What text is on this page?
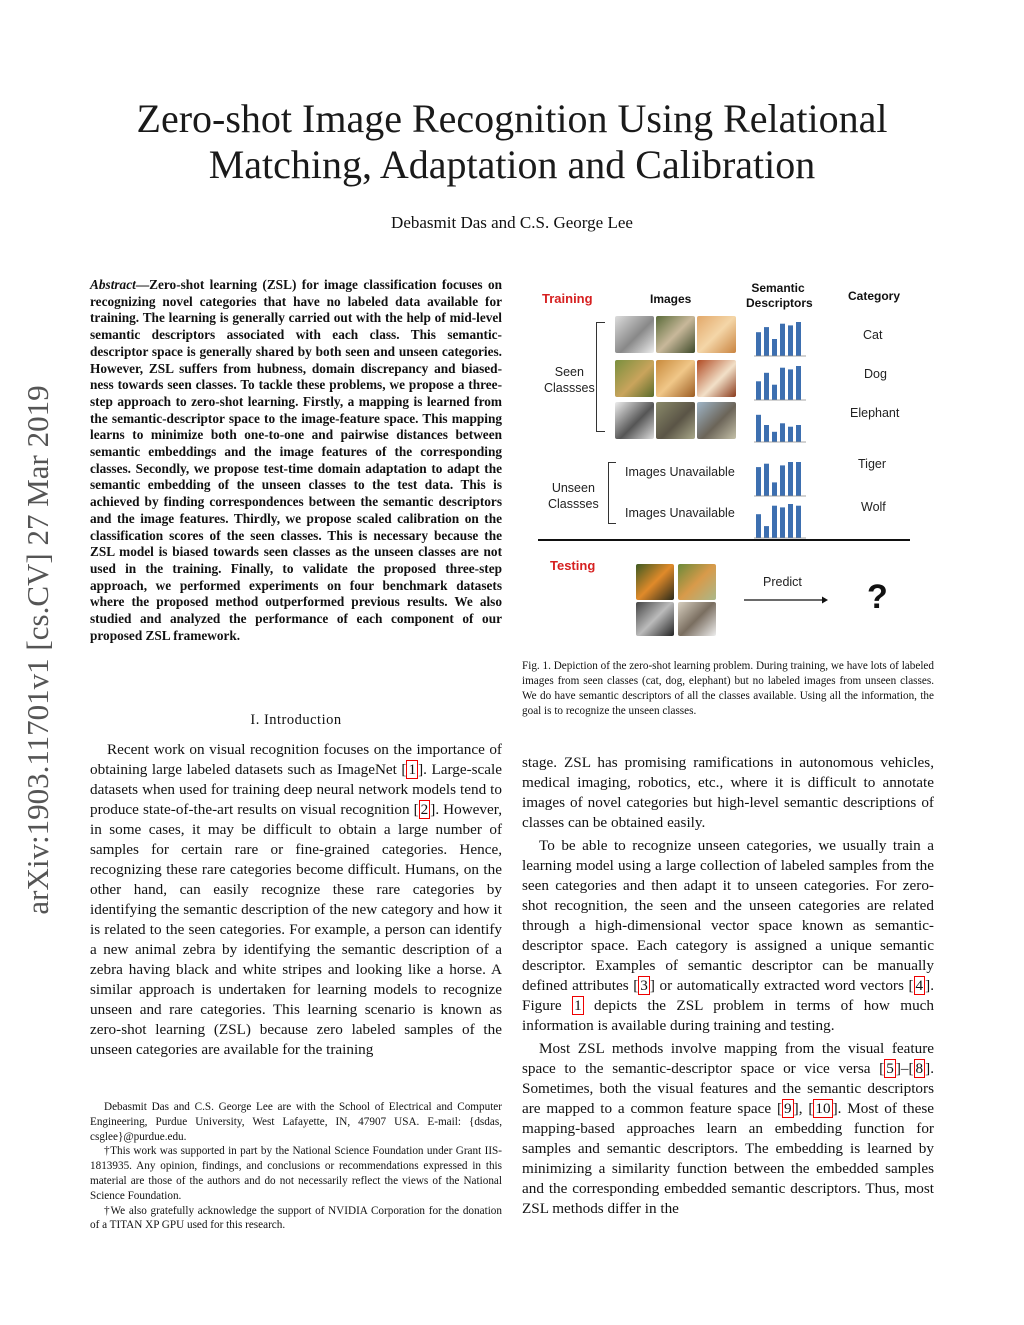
arXiv:1903.11701v1 [cs.CV] 27 Mar 2019
Zero-shot Image Recognition Using Relational
Matching, Adaptation and Calibration
Debasmit Das and C.S. George Lee
Abstract—Zero-shot learning (ZSL) for image classification focuses on recognizing novel categories that have no labeled data available for training. The learning is generally carried out with the help of mid-level semantic descriptors associated with each class. This semantic-descriptor space is generally shared by both seen and unseen categories. However, ZSL suffers from hubness, domain discrepancy and biased-ness towards seen classes. To tackle these problems, we propose a three-step approach to zero-shot learning. Firstly, a mapping is learned from the semantic-descriptor space to the image-feature space. This mapping learns to minimize both one-to-one and pairwise distances between semantic embeddings and the image features of the corresponding classes. Secondly, we propose test-time domain adaptation to adapt the semantic embedding of the unseen classes to the test data. This is achieved by finding correspondences between the semantic descriptors and the image features. Thirdly, we propose scaled calibration on the classification scores of the seen classes. This is necessary because the ZSL model is biased towards seen classes as the unseen classes are not used in the training. Finally, to validate the proposed three-step approach, we performed experiments on four benchmark datasets where the proposed method outperformed previous results. We also studied and analyzed the performance of each component of our proposed ZSL framework.
I. Introduction

Recent work on visual recognition focuses on the importance of obtaining large labeled datasets such as ImageNet [ 1 ]. Large-scale datasets when used for training deep neural network models tend to produce state-of-the-art results on visual recognition [ 2 ]. However, in some cases, it may be difficult to obtain a large number of samples for certain rare or fine-grained categories. Hence, recognizing these rare categories become difficult. Humans, on the other hand, can easily recognize these rare categories by identifying the semantic description of the new category and how it is related to the seen categories. For example, a person can identify a new animal zebra by identifying the semantic description of a zebra having black and white stripes and looking like a horse. A similar approach is undertaken for learning models to recognize unseen and rare categories. This learning scenario is known as zero-shot learning (ZSL) because zero labeled samples of the unseen categories are available for the training

Debasmit Das and C.S. George Lee are with the School of Electrical and Computer Engineering, Purdue University, West Lafayette, IN, 47907 USA. E-mail: {dsdas, csglee}@purdue.edu.

†This work was supported in part by the National Science Foundation under Grant IIS-1813935. Any opinion, findings, and conclusions or recommendations expressed in this material are those of the authors and do not necessarily reflect the views of the National Science Foundation.

†We also gratefully acknowledge the support of NVIDIA Corporation for the donation of a TITAN XP GPU used for this research.

Training	Images
Semantic
Descriptors	Category
Seen
Classses
Cat
Dog
Elephant
Tiger
Wolf
Unseen
Classses
Images Unavailable
Images Unavailable
Testing
Predict ?
Fig. 1. Depiction of the zero-shot learning problem. During training, we have lots of labeled images from seen classes (cat, dog, elephant) but no labeled images from unseen classes. We do have semantic descriptors of all the classes available. Using all the information, the goal is to recognize the unseen classes.

stage. ZSL has promising ramifications in autonomous vehicles, medical imaging, robotics, etc., where it is difficult to annotate images of novel categories but high-level semantic descriptions of classes can be obtained easily.

To be able to recognize unseen categories, we usually train a learning model using a large collection of labeled samples from the seen categories and then adapt it to unseen categories. For zero-shot recognition, the seen and the unseen categories are related through a high-dimensional vector space known as semantic-descriptor space. Each category is assigned a unique semantic descriptor. Examples of semantic descriptor can be manually defined attributes [ 3 ] or automatically extracted word vectors [ 4 ]. Figure 1 depicts the ZSL problem in terms of how much information is available during training and testing.

Most ZSL methods involve mapping from the visual feature space to the semantic-descriptor space or vice versa [ 5 ]–[ 8 ]. Sometimes, both the visual features and the semantic descriptors are mapped to a common feature space [ 9 ], [ 10 ]. Most of these mapping-based approaches learn an embedding function for samples and semantic descriptors. The embedding is learned by minimizing a similarity function between the embedded samples and the corresponding embedded semantic descriptors. Thus, most ZSL methods differ in the
